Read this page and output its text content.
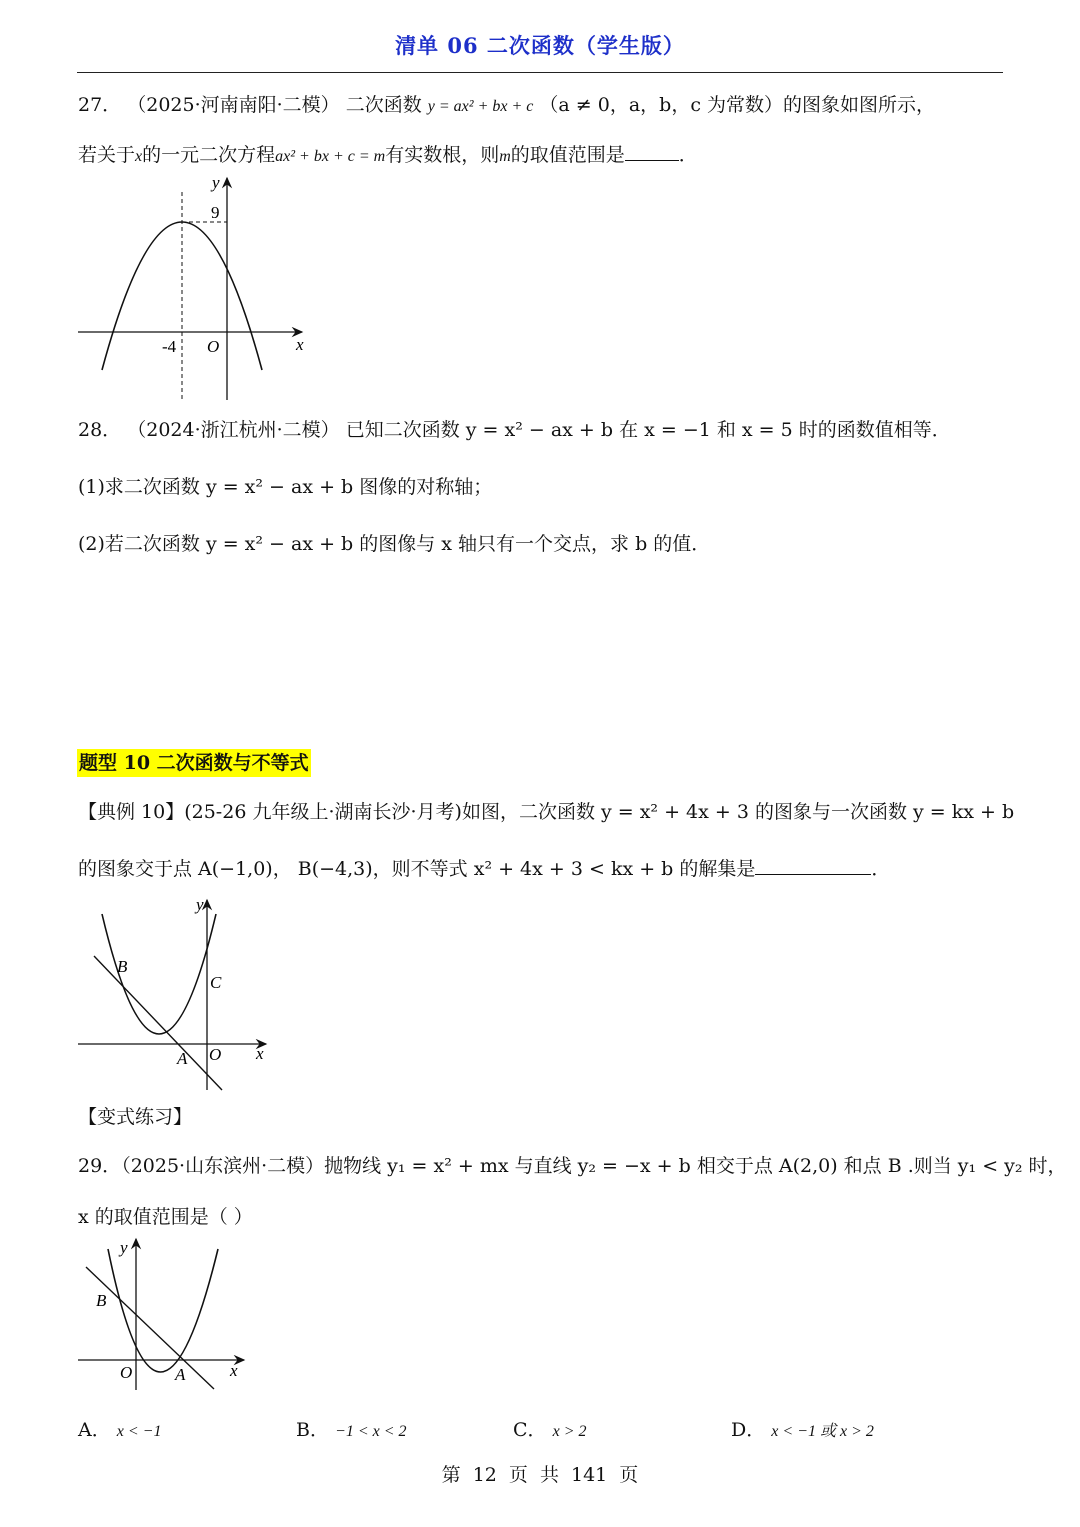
清单 06 二次函数（学生版）
27． （2025·河南南阳·二模） 二次函数 y = ax² + bx + c （a ≠ 0，a，b，c 为常数）的图象如图所示，
若关于x的一元二次方程ax² + bx + c = m有实数根，则m的取值范围是	．
y
x
O
9
-4
28． （2024·浙江杭州·二模） 已知二次函数 y = x² − ax + b 在 x = −1 和 x = 5 时的函数值相等．
(1)求二次函数 y = x² − ax + b 图像的对称轴；
(2)若二次函数 y = x² − ax + b 的图像与 x 轴只有一个交点，求 b 的值．
题型 10 二次函数与不等式
【典例 10】(25-26 九年级上·湖南长沙·月考)如图，二次函数 y = x² + 4x + 3 的图象与一次函数 y = kx + b
的图象交于点 A(−1,0)， B(−4,3)，则不等式 x² + 4x + 3 < kx + b 的解集是	．
y
x
O
A
B
C
【变式练习】
29．（2025·山东滨州·二模）抛物线 y₁ = x² + mx 与直线 y₂ = −x + b 相交于点 A(2,0) 和点 B .则当 y₁ < y₂ 时，
x 的取值范围是（ ）
y
x
O	A
B
A． x < −1	B． −1 < x < 2	C． x > 2	D． x < −1 或 x > 2
第 12 页 共 141 页
